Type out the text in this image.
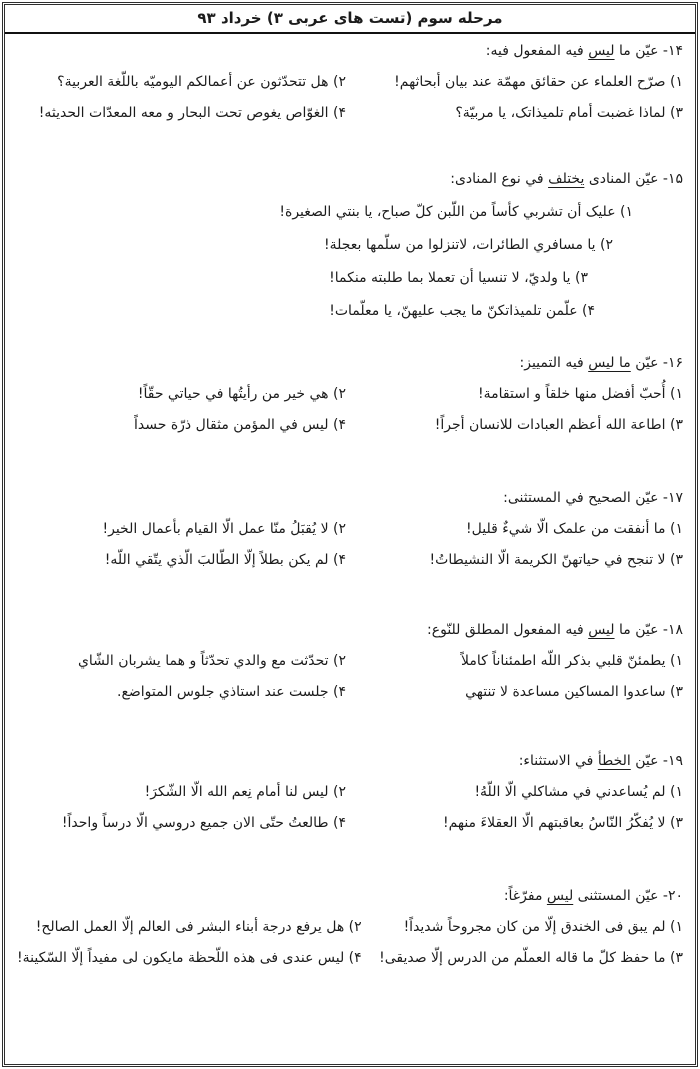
مرحله سوم (تست های عربی ۳) خرداد ۹۳
۱۴- عيّن ما ليس فيه المفعول فيه:
۱) صرّح العلماء عن حقائق مهمّة عند بيان أبحاثهم!
۲) هل تتحدّثون عن أعمالكم اليوميّه باللّغة العربية؟
۳) لماذا غضبت أمام تلميذاتک، يا مربيّة؟
۴) الغوّاص يغوص تحت البحار و معه المعدّات الحديثه!
۱۵- عيّن المنادى يختلف في نوع المنادى:
۱) عليک أن تشربي كأساً من اللّبن كلّ صباح، يا بنتي الصغيرة!
۲) يا مسافري الطائرات، لاتنزلوا من سلّمها بعجلة!
۳) يا ولديّ، لا تنسيا أن تعملا بما طلبته منكما!
۴) علّمن تلميذاتكنّ ما يجب عليهنّ، يا معلّمات!
۱۶- عيّن ما ليس فيه التمييز:
۱) أُحبّ أفضل منها خلقاً و استقامة!
۲) هي خير من رأيتُها في حياتي حقّاً!
۳) اطاعة الله أعظم العبادات للانسان أجراً!
۴) ليس في المؤمن مثقال ذرّة حسداً
۱۷- عيّن الصحيح في المستثنى:
۱) ما أنفقت من علمک الّا شيءٌ قليل!
۲) لا يُقبَلُ منّا عمل الّا القيام بأعمال الخير!
۳) لا تنجح في حياتهنّ الكريمة الّا النشيطاتُ!
۴) لم يكن بطلاً إلّا الطّالبَ الّذي يتّقي اللّه!
۱۸- عيّن ما ليس فيه المفعول المطلق للنّوع:
۱) يطمئنّ قلبي بذكر اللّه اطمئناناً كاملاً
۲) تحدّثت مع والدي تحدّثاً و هما يشربان الشّاي
۳) ساعدوا المساكين مساعدة لا تنتهي
۴) جلست عند استاذي جلوس المتواضع.
۱۹- عيّن الخطأ في الاستثناء:
۱) لم يُساعدني في مشاكلي الّا اللّهُ!
۲) ليس لنا أمام نِعم الله الّا الشّكرَ!
۳) لا يُفكّرُ النّاسُ بعاقبتهم الّا العقلاءَ منهم!
۴) طالعتُ حتّى الان جميع دروسي الّا درساً واحداً!
۲۰- عيّن المستثنى ليس مفرّغاً:
۱) لم يبق فى الخندق إلّا من كان مجروحاً شديداً!
۲) هل يرفع درجة أبناء البشر فى العالم إلّا العمل الصالح!
۳) ما حفظ كلّ ما قاله العملّم من الدرس إلّا صديقى!
۴) ليس عندى فى هذه اللّحظة مايكون لى مفيداً إلّا السّكينة!
